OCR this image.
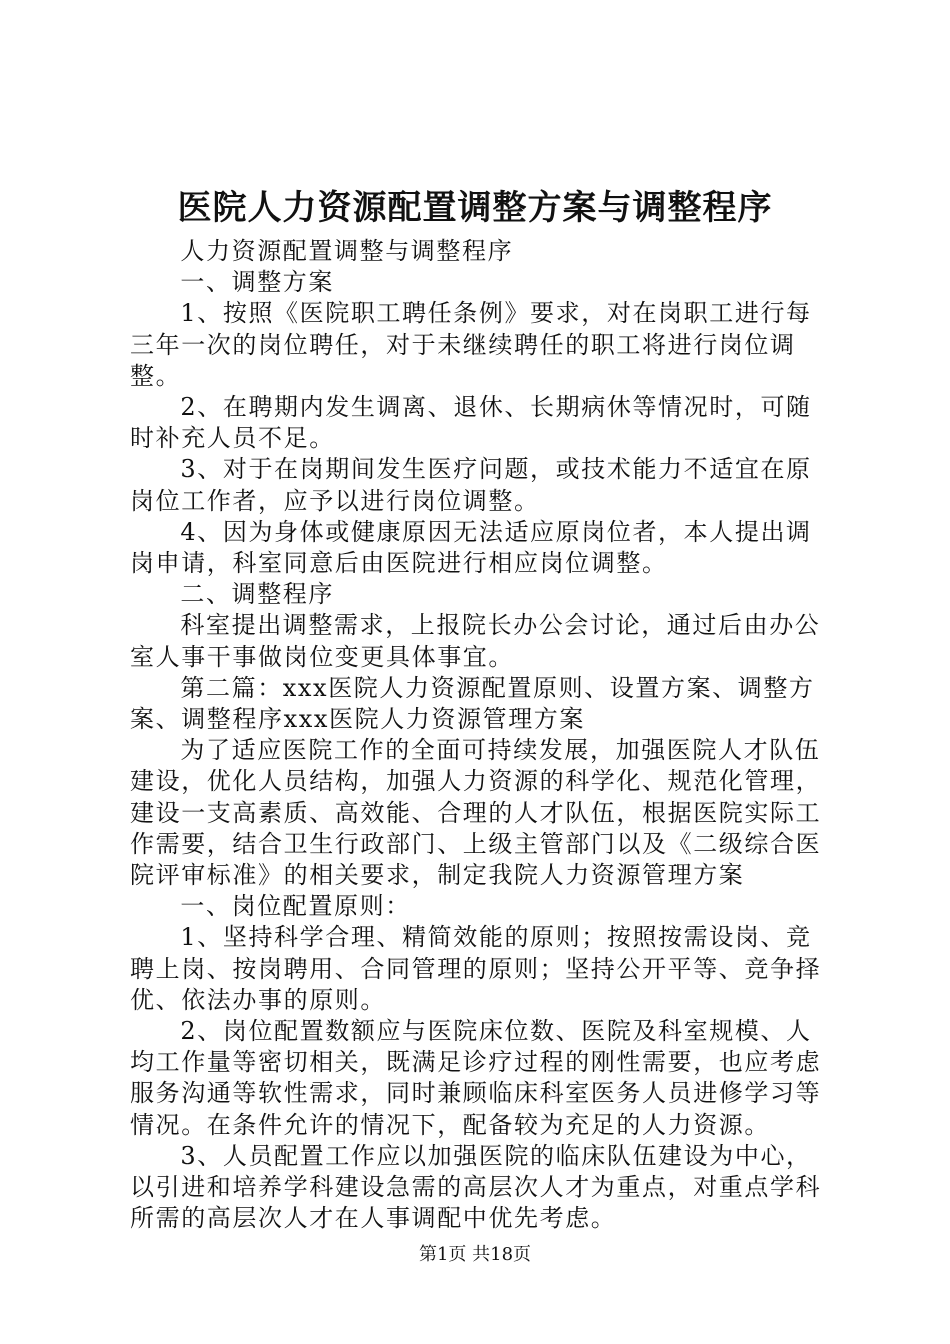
医院人力资源配置调整方案与调整程序

人力资源配置调整与调整程序

一、调整方案

1、按照《医院职工聘任条例》要求，对在岗职工进行每三年一次的岗位聘任，对于未继续聘任的职工将进行岗位调整。

2、在聘期内发生调离、退休、长期病休等情况时，可随时补充人员不足。

3、对于在岗期间发生医疗问题，或技术能力不适宜在原岗位工作者，应予以进行岗位调整。

4、因为身体或健康原因无法适应原岗位者，本人提出调岗申请，科室同意后由医院进行相应岗位调整。

二、调整程序

科室提出调整需求，上报院长办公会讨论，通过后由办公室人事干事做岗位变更具体事宜。

第二篇：xxx医院人力资源配置原则、设置方案、调整方案、调整程序xxx医院人力资源管理方案

为了适应医院工作的全面可持续发展，加强医院人才队伍建设，优化人员结构，加强人力资源的科学化、规范化管理，建设一支高素质、高效能、合理的人才队伍，根据医院实际工作需要，结合卫生行政部门、上级主管部门以及《二级综合医院评审标准》的相关要求，制定我院人力资源管理方案

一、岗位配置原则：

1、坚持科学合理、精简效能的原则；按照按需设岗、竞聘上岗、按岗聘用、合同管理的原则；坚持公开平等、竞争择优、依法办事的原则。

2、岗位配置数额应与医院床位数、医院及科室规模、人均工作量等密切相关，既满足诊疗过程的刚性需要，也应考虑服务沟通等软性需求，同时兼顾临床科室医务人员进修学习等情况。在条件允许的情况下，配备较为充足的人力资源。

3、人员配置工作应以加强医院的临床队伍建设为中心，以引进和培养学科建设急需的高层次人才为重点，对重点学科所需的高层次人才在人事调配中优先考虑。

第1页 共18页
